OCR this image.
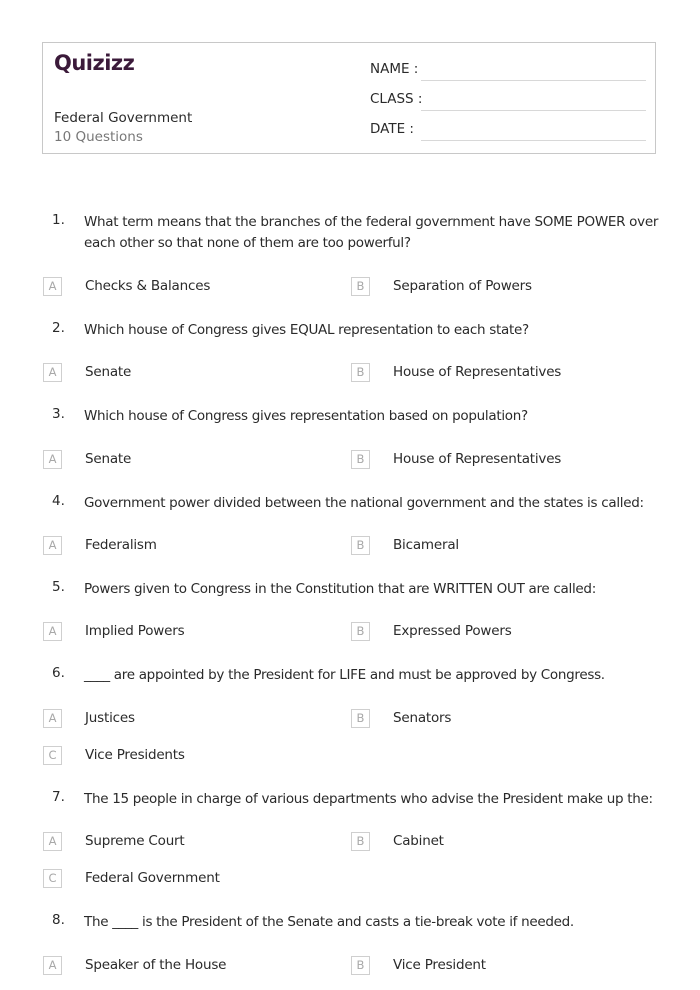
Quizizz
Federal Government
10 Questions
NAME :
CLASS :
DATE :
1. What term means that the branches of the federal government have SOME POWER over each other so that none of them are too powerful?
A	Checks & Balances	B	Separation of Powers
2. Which house of Congress gives EQUAL representation to each state?
A	Senate	B	House of Representatives
3. Which house of Congress gives representation based on population?
A	Senate	B	House of Representatives
4. Government power divided between the national government and the states is called:
A	Federalism	B	Bicameral
5. Powers given to Congress in the Constitution that are WRITTEN OUT are called:
A	Implied Powers	B	Expressed Powers
6. ____ are appointed by the President for LIFE and must be approved by Congress.
A	Justices	B	Senators
C	Vice Presidents
7. The 15 people in charge of various departments who advise the President make up the:
A	Supreme Court	B	Cabinet
C	Federal Government
8. The ____ is the President of the Senate and casts a tie-break vote if needed.
A	Speaker of the House	B	Vice President
